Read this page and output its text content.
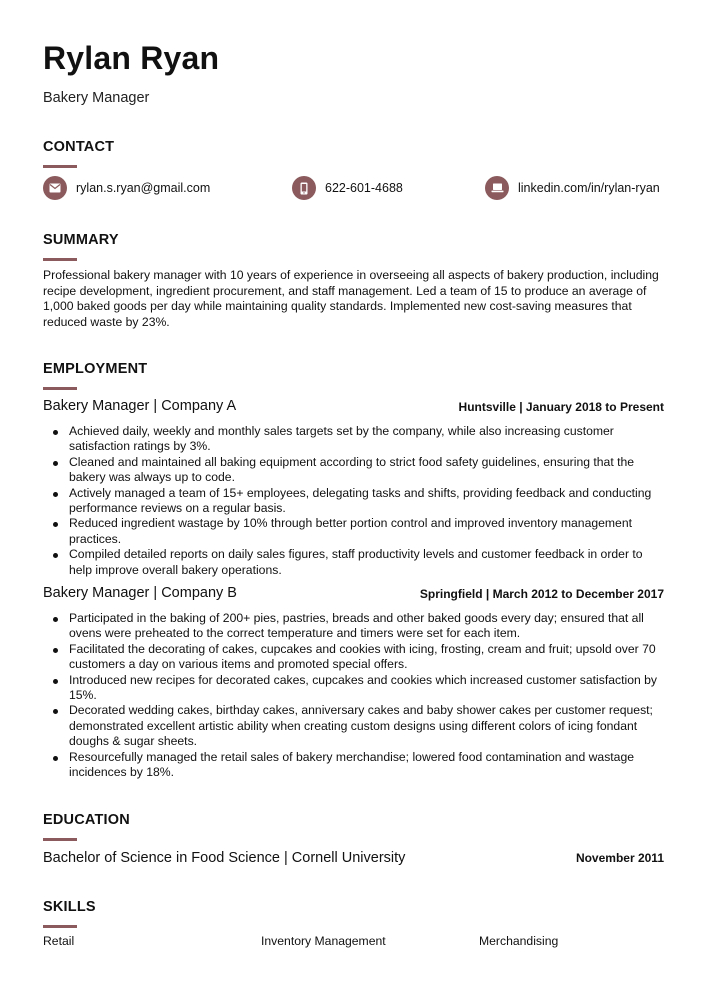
Rylan Ryan
Bakery Manager
CONTACT
rylan.s.ryan@gmail.com	622-601-4688	linkedin.com/in/rylan-ryan
SUMMARY

Professional bakery manager with 10 years of experience in overseeing all aspects of bakery production, including recipe development, ingredient procurement, and staff management. Led a team of 15 to produce an average of 1,000 baked goods per day while maintaining quality standards. Implemented new cost-saving measures that reduced waste by 23%.

EMPLOYMENT
Bakery Manager | Company A	Huntsville | January 2018 to Present
Achieved daily, weekly and monthly sales targets set by the company, while also increasing customer satisfaction ratings by 3%.
Cleaned and maintained all baking equipment according to strict food safety guidelines, ensuring that the bakery was always up to code.
Actively managed a team of 15+ employees, delegating tasks and shifts, providing feedback and conducting performance reviews on a regular basis.
Reduced ingredient wastage by 10% through better portion control and improved inventory management practices.
Compiled detailed reports on daily sales figures, staff productivity levels and customer feedback in order to help improve overall bakery operations.
Bakery Manager | Company B	Springfield | March 2012 to December 2017
Participated in the baking of 200+ pies, pastries, breads and other baked goods every day; ensured that all ovens were preheated to the correct temperature and timers were set for each item.
Facilitated the decorating of cakes, cupcakes and cookies with icing, frosting, cream and fruit; upsold over 70 customers a day on various items and promoted special offers.
Introduced new recipes for decorated cakes, cupcakes and cookies which increased customer satisfaction by 15%.
Decorated wedding cakes, birthday cakes, anniversary cakes and baby shower cakes per customer request; demonstrated excellent artistic ability when creating custom designs using different colors of icing fondant doughs & sugar sheets.
Resourcefully managed the retail sales of bakery merchandise; lowered food contamination and wastage incidences by 18%.
EDUCATION
Bachelor of Science in Food Science | Cornell University	November 2011
SKILLS
Retail	Inventory Management	Merchandising
